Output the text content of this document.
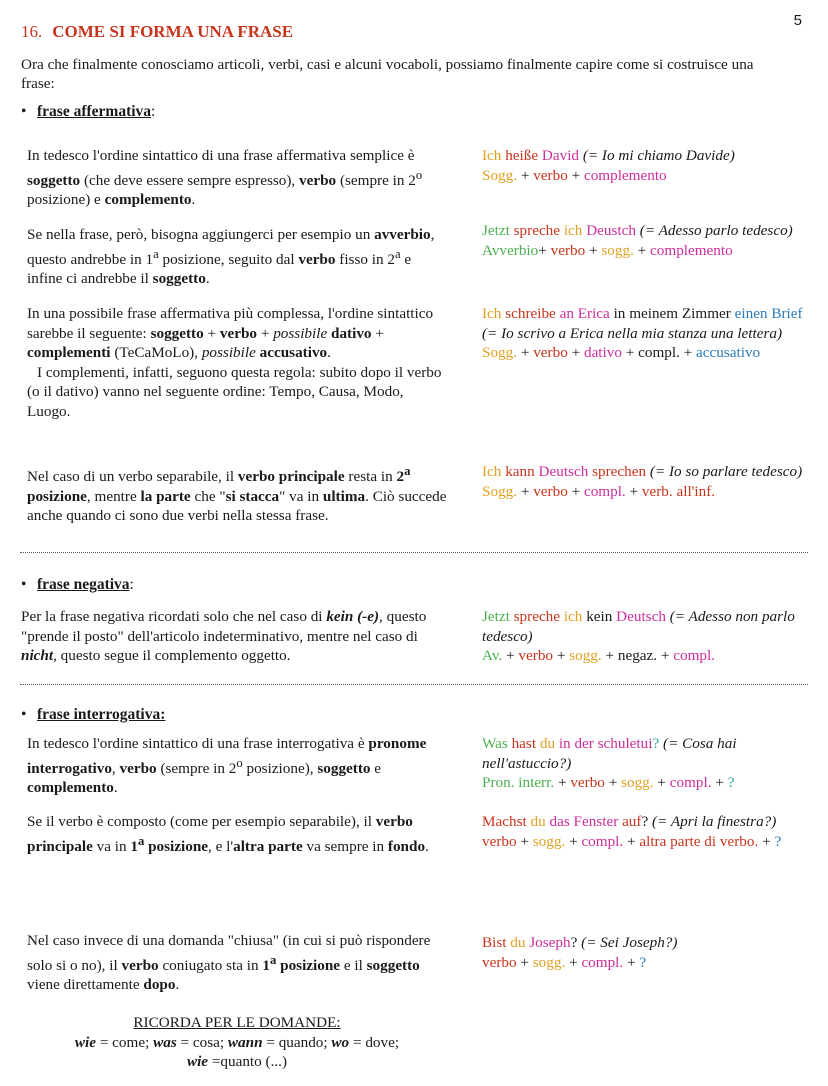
5
16. COME SI FORMA UNA FRASE
Ora che finalmente conosciamo articoli, verbi, casi e alcuni vocaboli, possiamo finalmente capire come si costruisce una frase:
• frase affermativa:
In tedesco l'ordine sintattico di una frase affermativa semplice è soggetto (che deve essere sempre espresso), verbo (sempre in 2$^o$ posizione) e complemento.
Ich heiße David (= Io mi chiamo Davide)
Sogg. + verbo + complemento
Se nella frase, però, bisogna aggiungerci per esempio un avverbio, questo andrebbe in 1$^a$ posizione, seguito dal verbo fisso in 2$^a$ e infine ci andrebbe il soggetto.
Jetzt spreche ich Deustch (= Adesso parlo tedesco)
Avverbio+ verbo + sogg. + complemento
In una possibile frase affermativa più complessa, l'ordine sintattico sarebbe il seguente: soggetto + verbo + possibile dativo + complementi (TeCaMoLo), possibile accusativo.
I complementi, infatti, seguono questa regola: subito dopo il verbo (o il dativo) vanno nel seguente ordine: Tempo, Causa, Modo, Luogo.
Ich schreibe an Erica in meinem Zimmer einen Brief (= Io scrivo a Erica nella mia stanza una lettera)
Sogg. + verbo + dativo + compl. + accusativo
Nel caso di un verbo separabile, il verbo principale resta in 2$^a$ posizione, mentre la parte che "si stacca" va in ultima. Ciò succede anche quando ci sono due verbi nella stessa frase.
Ich kann Deutsch sprechen (= Io so parlare tedesco)
Sogg. + verbo + compl. + verb. all'inf.
• frase negativa:
Per la frase negativa ricordati solo che nel caso di kein (-e), questo "prende il posto" dell'articolo indeterminativo, mentre nel caso di nicht, questo segue il complemento oggetto.
Jetzt spreche ich kein Deutsch (= Adesso non parlo tedesco)
Av. + verbo + sogg. + negaz. + compl.
• frase interrogativa:
In tedesco l'ordine sintattico di una frase interrogativa è pronome interrogativo, verbo (sempre in 2$^o$ posizione), soggetto e complemento.
Was hast du in der schuletui? (= Cosa hai nell'astuccio?)
Pron. interr. + verbo + sogg. + compl. + ?
Se il verbo è composto (come per esempio separabile), il verbo principale va in 1$^a$ posizione, e l'altra parte va sempre in fondo.
Machst du das Fenster auf? (= Apri la finestra?)
verbo + sogg. + compl. + altra parte di verbo. + ?
Nel caso invece di una domanda "chiusa" (in cui si può rispondere solo si o no), il verbo coniugato sta in 1$^a$ posizione e il soggetto viene direttamente dopo.
Bist du Joseph? (= Sei Joseph?)
verbo + sogg. + compl. + ?
RICORDA PER LE DOMANDE:
wie = come; was = cosa; wann = quando; wo = dove;
wie =quanto (...)
